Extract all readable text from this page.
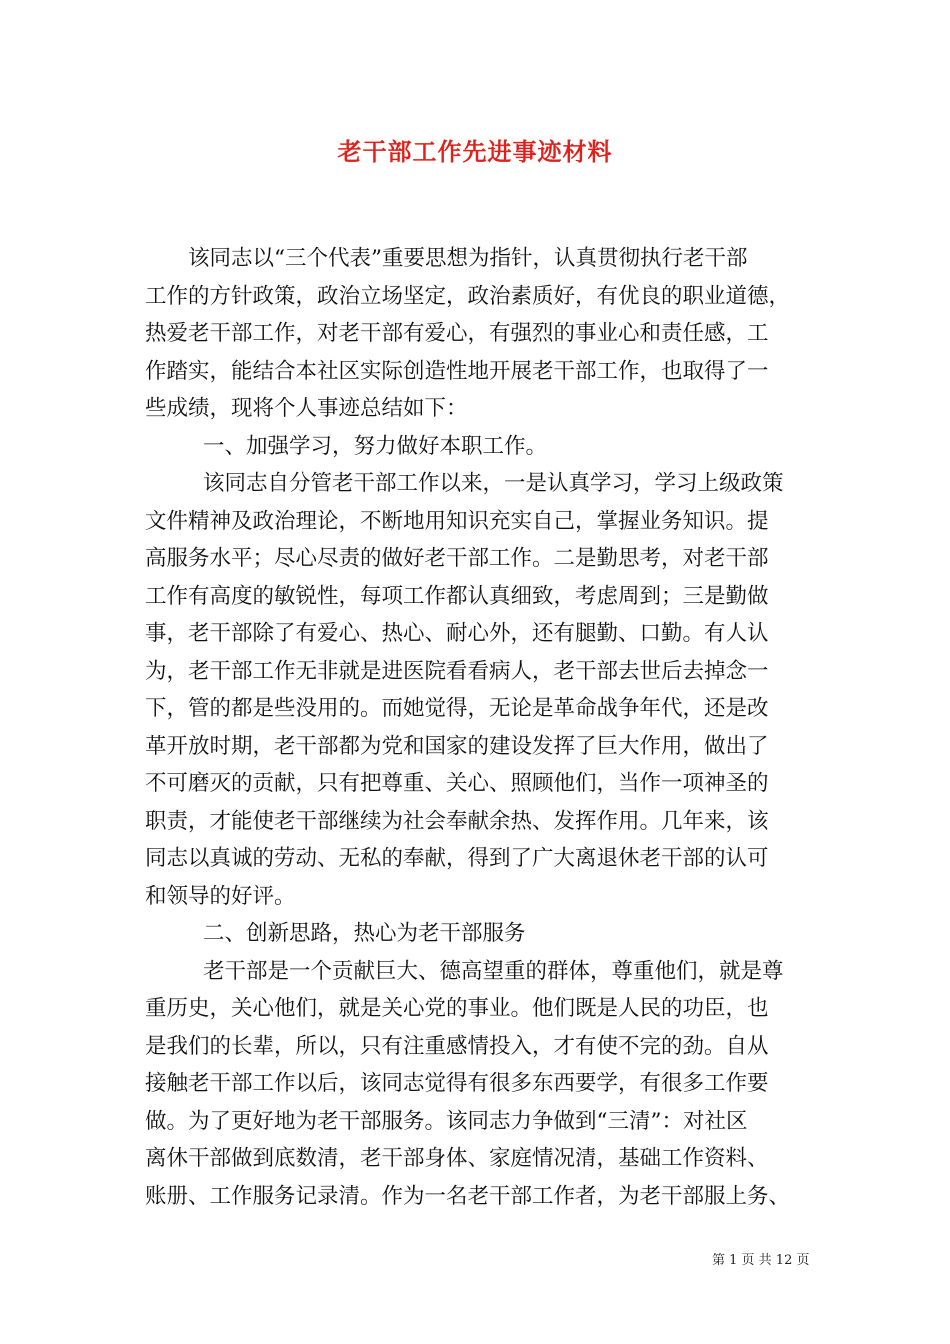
老干部工作先进事迹材料
该同志以“三个代表”重要思想为指针，认真贯彻执行老干部
工作的方针政策，政治立场坚定，政治素质好，有优良的职业道德，
热爱老干部工作，对老干部有爱心，有强烈的事业心和责任感，工
作踏实，能结合本社区实际创造性地开展老干部工作，也取得了一
些成绩，现将个人事迹总结如下：
一、加强学习，努力做好本职工作。
该同志自分管老干部工作以来，一是认真学习，学习上级政策
文件精神及政治理论，不断地用知识充实自己，掌握业务知识。提
高服务水平；尽心尽责的做好老干部工作。二是勤思考，对老干部
工作有高度的敏锐性，每项工作都认真细致，考虑周到；三是勤做
事，老干部除了有爱心、热心、耐心外，还有腿勤、口勤。有人认
为，老干部工作无非就是进医院看看病人，老干部去世后去掉念一
下，管的都是些没用的。而她觉得，无论是革命战争年代，还是改
革开放时期，老干部都为党和国家的建设发挥了巨大作用，做出了
不可磨灭的贡献，只有把尊重、关心、照顾他们，当作一项神圣的
职责，才能使老干部继续为社会奉献余热、发挥作用。几年来，该
同志以真诚的劳动、无私的奉献，得到了广大离退休老干部的认可
和领导的好评。
二、创新思路，热心为老干部服务
老干部是一个贡献巨大、德高望重的群体，尊重他们，就是尊
重历史，关心他们，就是关心党的事业。他们既是人民的功臣，也
是我们的长辈，所以，只有注重感情投入，才有使不完的劲。自从
接触老干部工作以后，该同志觉得有很多东西要学，有很多工作要
做。为了更好地为老干部服务。该同志力争做到“三清”：对社区
离休干部做到底数清，老干部身体、家庭情况清，基础工作资料、
账册、工作服务记录清。作为一名老干部工作者，为老干部服上务、
第 1 页 共 12 页
